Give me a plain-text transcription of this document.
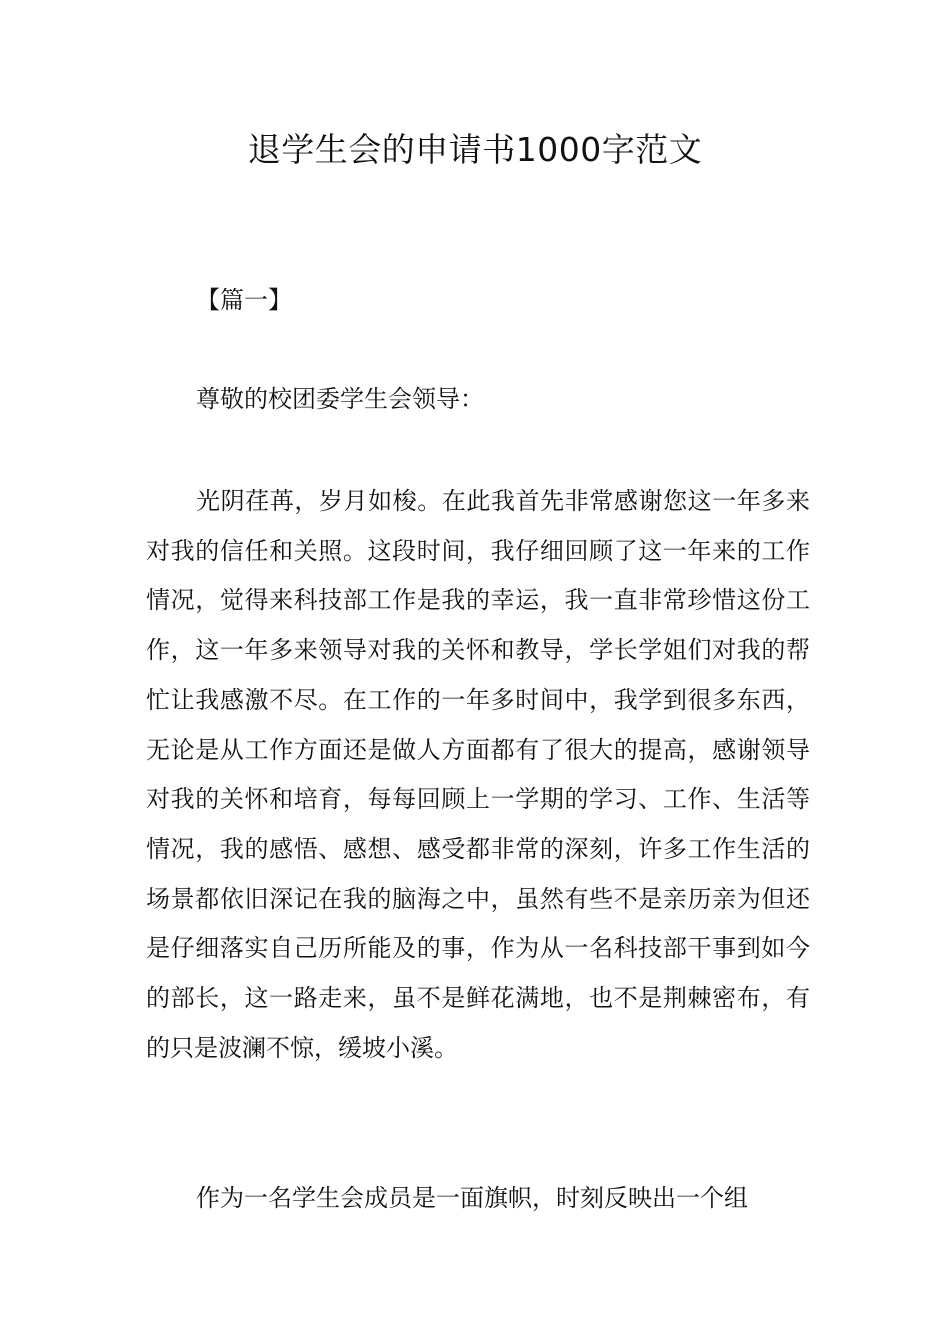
退学生会的申请书1000字范文
【篇一】

尊敬的校团委学生会领导：

光阴荏苒，岁月如梭。在此我首先非常感谢您这一年多来对我的信任和关照。这段时间，我仔细回顾了这一年来的工作情况，觉得来科技部工作是我的幸运，我一直非常珍惜这份工作，这一年多来领导对我的关怀和教导，学长学姐们对我的帮忙让我感激不尽。在工作的一年多时间中，我学到很多东西，无论是从工作方面还是做人方面都有了很大的提高，感谢领导对我的关怀和培育，每每回顾上一学期的学习、工作、生活等情况，我的感悟、感想、感受都非常的深刻，许多工作生活的场景都依旧深记在我的脑海之中，虽然有些不是亲历亲为但还是仔细落实自己历所能及的事，作为从一名科技部干事到如今的部长，这一路走来，虽不是鲜花满地，也不是荆棘密布，有的只是波澜不惊，缓坡小溪。

作为一名学生会成员是一面旗帜，时刻反映出一个组
